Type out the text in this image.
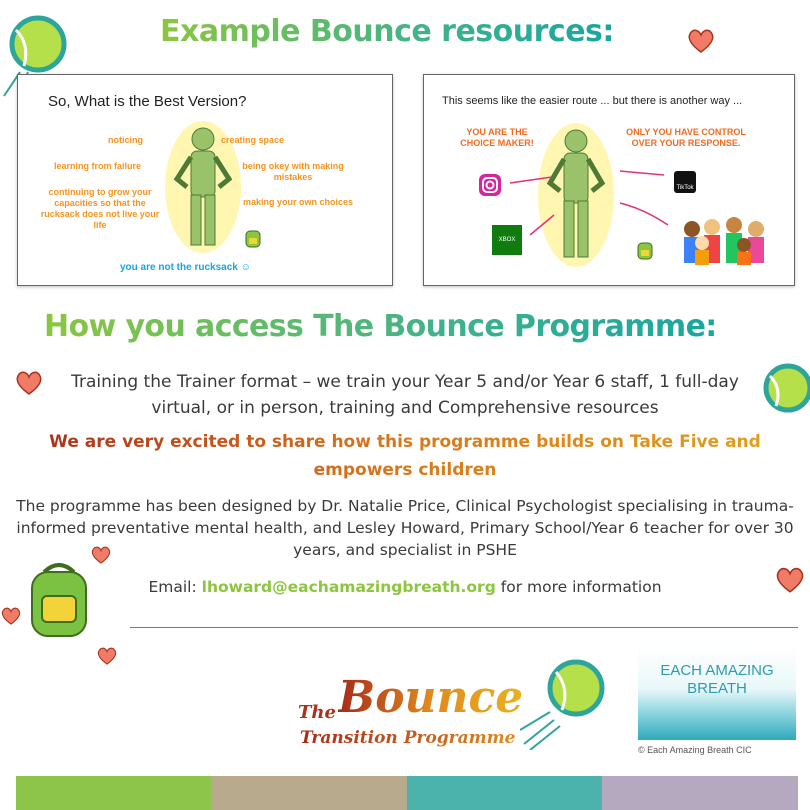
Example Bounce resources:
So, What is the Best Version?
noticing	creating space
learning from failure	being okey with making mistakes
continuing to grow your capacities so that the rucksack does not live your life
making your own choices
you are not the rucksack ☺
This seems like the easier route ... but there is another way ...
YOU ARE THE CHOICE MAKER!
ONLY YOU HAVE CONTROL OVER YOUR RESPONSE.
TikTok
XBOX
How you access The Bounce Programme:
Training the Trainer format – we train your Year 5 and/or Year 6 staff, 1 full-day virtual, or in person, training and Comprehensive resources
We are very excited to share how this programme builds on Take Five and empowers children
The programme has been designed by Dr. Natalie Price, Clinical Psychologist specialising in trauma-informed preventative mental health, and Lesley Howard, Primary School/Year 6 teacher for over 30 years, and specialist in PSHE
Email: lhoward@eachamazingbreath.org for more information
The Bounce
Transition Programme
EACH AMAZING
BREATH
© Each Amazing Breath CIC
